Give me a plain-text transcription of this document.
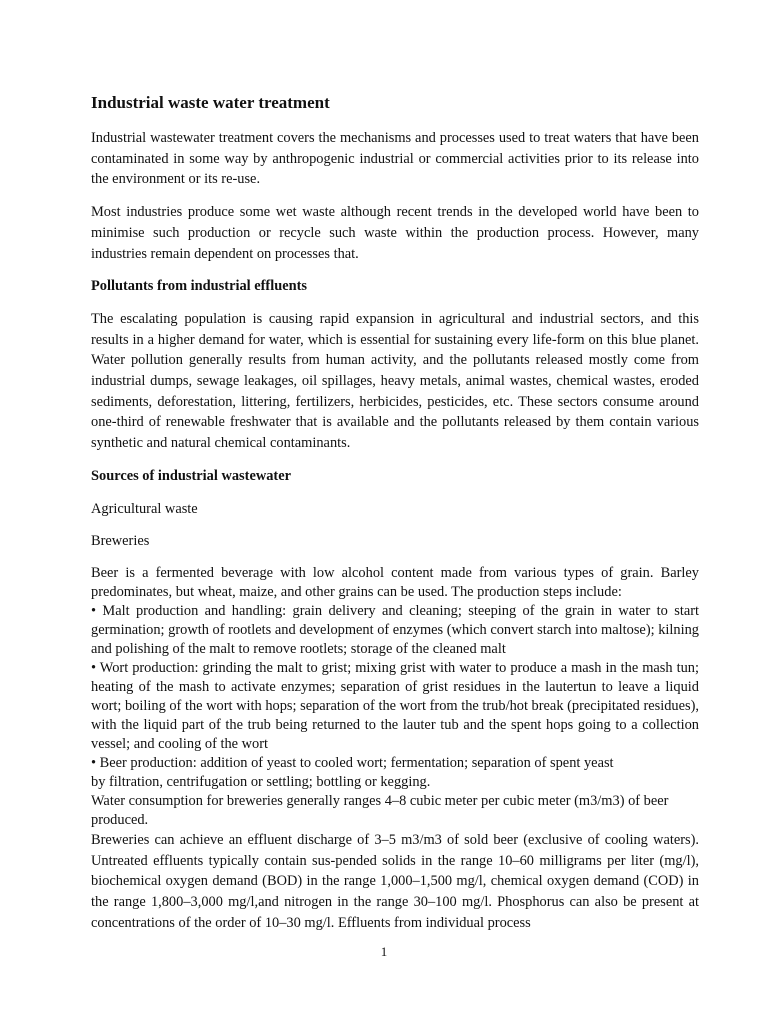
Industrial waste water treatment

Industrial wastewater treatment covers the mechanisms and processes used to treat waters that have been contaminated in some way by anthropogenic industrial or commercial activities prior to its release into the environment or its re-use.

Most industries produce some wet waste although recent trends in the developed world have been to minimise such production or recycle such waste within the production process. However, many industries remain dependent on processes that.

Pollutants from industrial effluents

The escalating population is causing rapid expansion in agricultural and industrial sectors, and this results in a higher demand for water, which is essential for sustaining every life-form on this blue planet. Water pollution generally results from human activity, and the pollutants released mostly come from industrial dumps, sewage leakages, oil spillages, heavy metals, animal wastes, chemical wastes, eroded sediments, deforestation, littering, fertilizers, herbicides, pesticides, etc. These sectors consume around one-third of renewable freshwater that is available and the pollutants released by them contain various synthetic and natural chemical contaminants.

Sources of industrial wastewater

Agricultural waste

Breweries

Beer is a fermented beverage with low alcohol content made from various types of grain. Barley predominates, but wheat, maize, and other grains can be used. The production steps include:

• Malt production and handling: grain delivery and cleaning; steeping of the grain in water to start germination; growth of rootlets and development of enzymes (which convert starch into maltose); kilning and polishing of the malt to remove rootlets; storage of the cleaned malt

• Wort production: grinding the malt to grist; mixing grist with water to produce a mash in the mash tun; heating of the mash to activate enzymes; separation of grist residues in the lautertun to leave a liquid wort; boiling of the wort with hops; separation of the wort from the trub/hot break (precipitated residues), with the liquid part of the trub being returned to the lauter tub and the spent hops going to a collection vessel; and cooling of the wort

• Beer production: addition of yeast to cooled wort; fermentation; separation of spent yeast

by filtration, centrifugation or settling; bottling or kegging.

Water consumption for breweries generally ranges 4–8 cubic meter per cubic meter (m3/m3) of beer produced.

Breweries can achieve an effluent discharge of 3–5 m3/m3 of sold beer (exclusive of cooling waters). Untreated effluents typically contain sus-pended solids in the range 10–60 milligrams per liter (mg/l), biochemical oxygen demand (BOD) in the range 1,000–1,500 mg/l, chemical oxygen demand (COD) in the range 1,800–3,000 mg/l,and nitrogen in the range 30–100 mg/l. Phosphorus can also be present at concentrations of the order of 10–30 mg/l. Effluents from individual process

1
